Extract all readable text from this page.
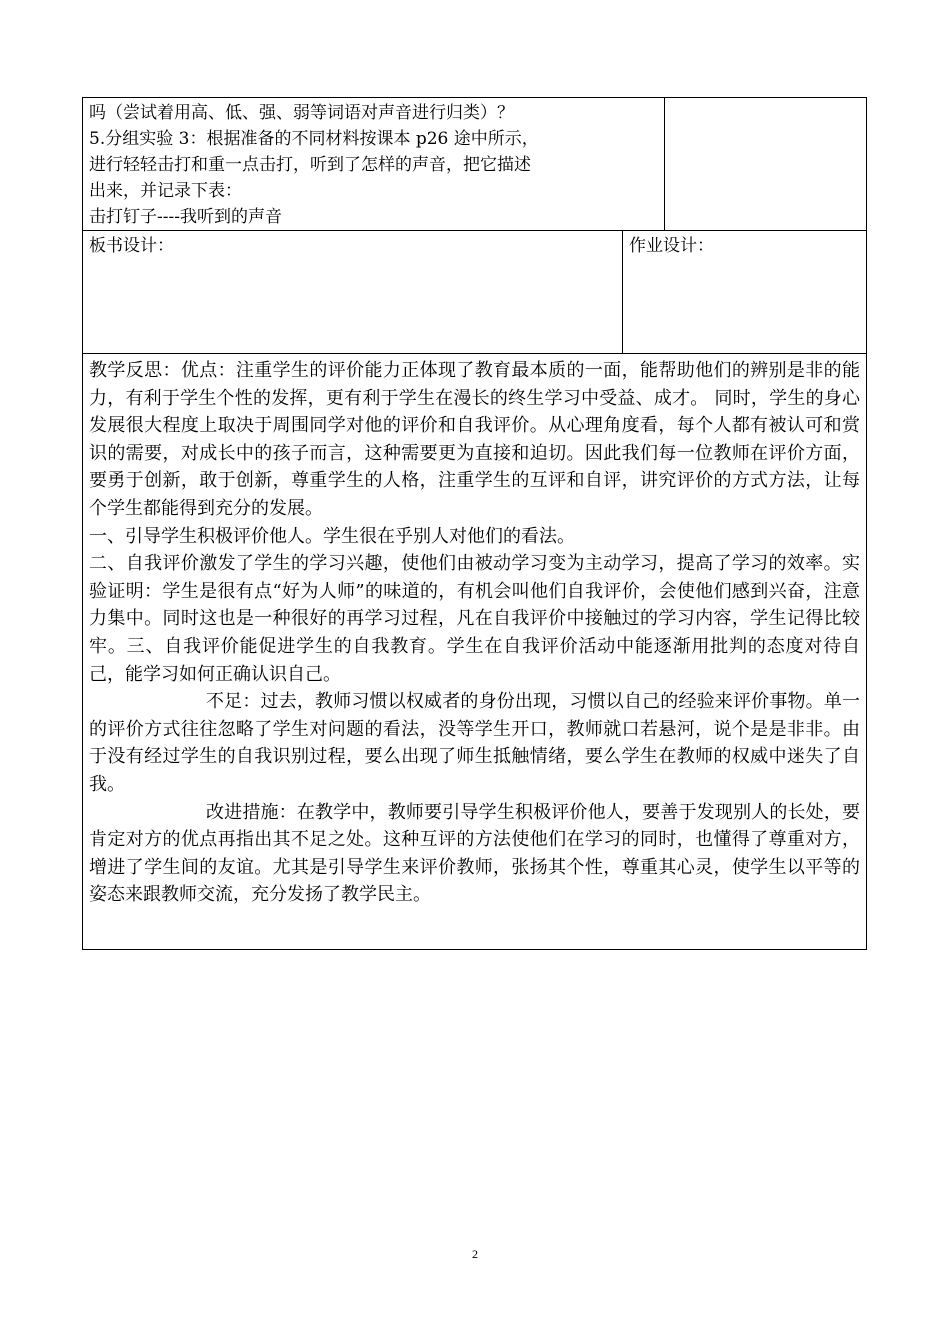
吗（尝试着用高、低、强、弱等词语对声音进行归类）？
5.分组实验 3：根据准备的不同材料按课本 p26 途中所示，
进行轻轻击打和重一点击打，听到了怎样的声音，把它描述
出来，并记录下表：
击打钉子----我听到的声音		

板书设计：	作业设计：	

教学反思：优点：注重学生的评价能力正体现了教育最本质的一面，能帮助他们的辨别是非的能力，有利于学生个性的发挥，更有利于学生在漫长的终生学习中受益、成才。 同时，学生的身心发展很大程度上取决于周围同学对他的评价和自我评价。从心理角度看，每个人都有被认可和赏识的需要，对成长中的孩子而言，这种需要更为直接和迫切。因此我们每一位教师在评价方面，要勇于创新，敢于创新，尊重学生的人格，注重学生的互评和自评，讲究评价的方式方法，让每个学生都能得到充分的发展。
一、引导学生积极评价他人。学生很在乎别人对他们的看法。
二、自我评价激发了学生的学习兴趣，使他们由被动学习变为主动学习，提高了学习的效率。实验证明：学生是很有点“好为人师”的味道的，有机会叫他们自我评价，会使他们感到兴奋，注意力集中。同时这也是一种很好的再学习过程，凡在自我评价中接触过的学习内容，学生记得比较牢。三、自我评价能促进学生的自我教育。学生在自我评价活动中能逐渐用批判的态度对待自己，能学习如何正确认识自己。
不足：过去，教师习惯以权威者的身份出现，习惯以自己的经验来评价事物。单一的评价方式往往忽略了学生对问题的看法，没等学生开口，教师就口若悬河，说个是是非非。由于没有经过学生的自我识别过程，要么出现了师生抵触情绪，要么学生在教师的权威中迷失了自我。
改进措施：在教学中，教师要引导学生积极评价他人，要善于发现别人的长处，要肯定对方的优点再指出其不足之处。这种互评的方法使他们在学习的同时，也懂得了尊重对方，增进了学生间的友谊。尤其是引导学生来评价教师，张扬其个性，尊重其心灵，使学生以平等的姿态来跟教师交流，充分发扬了教学民主。		
2
